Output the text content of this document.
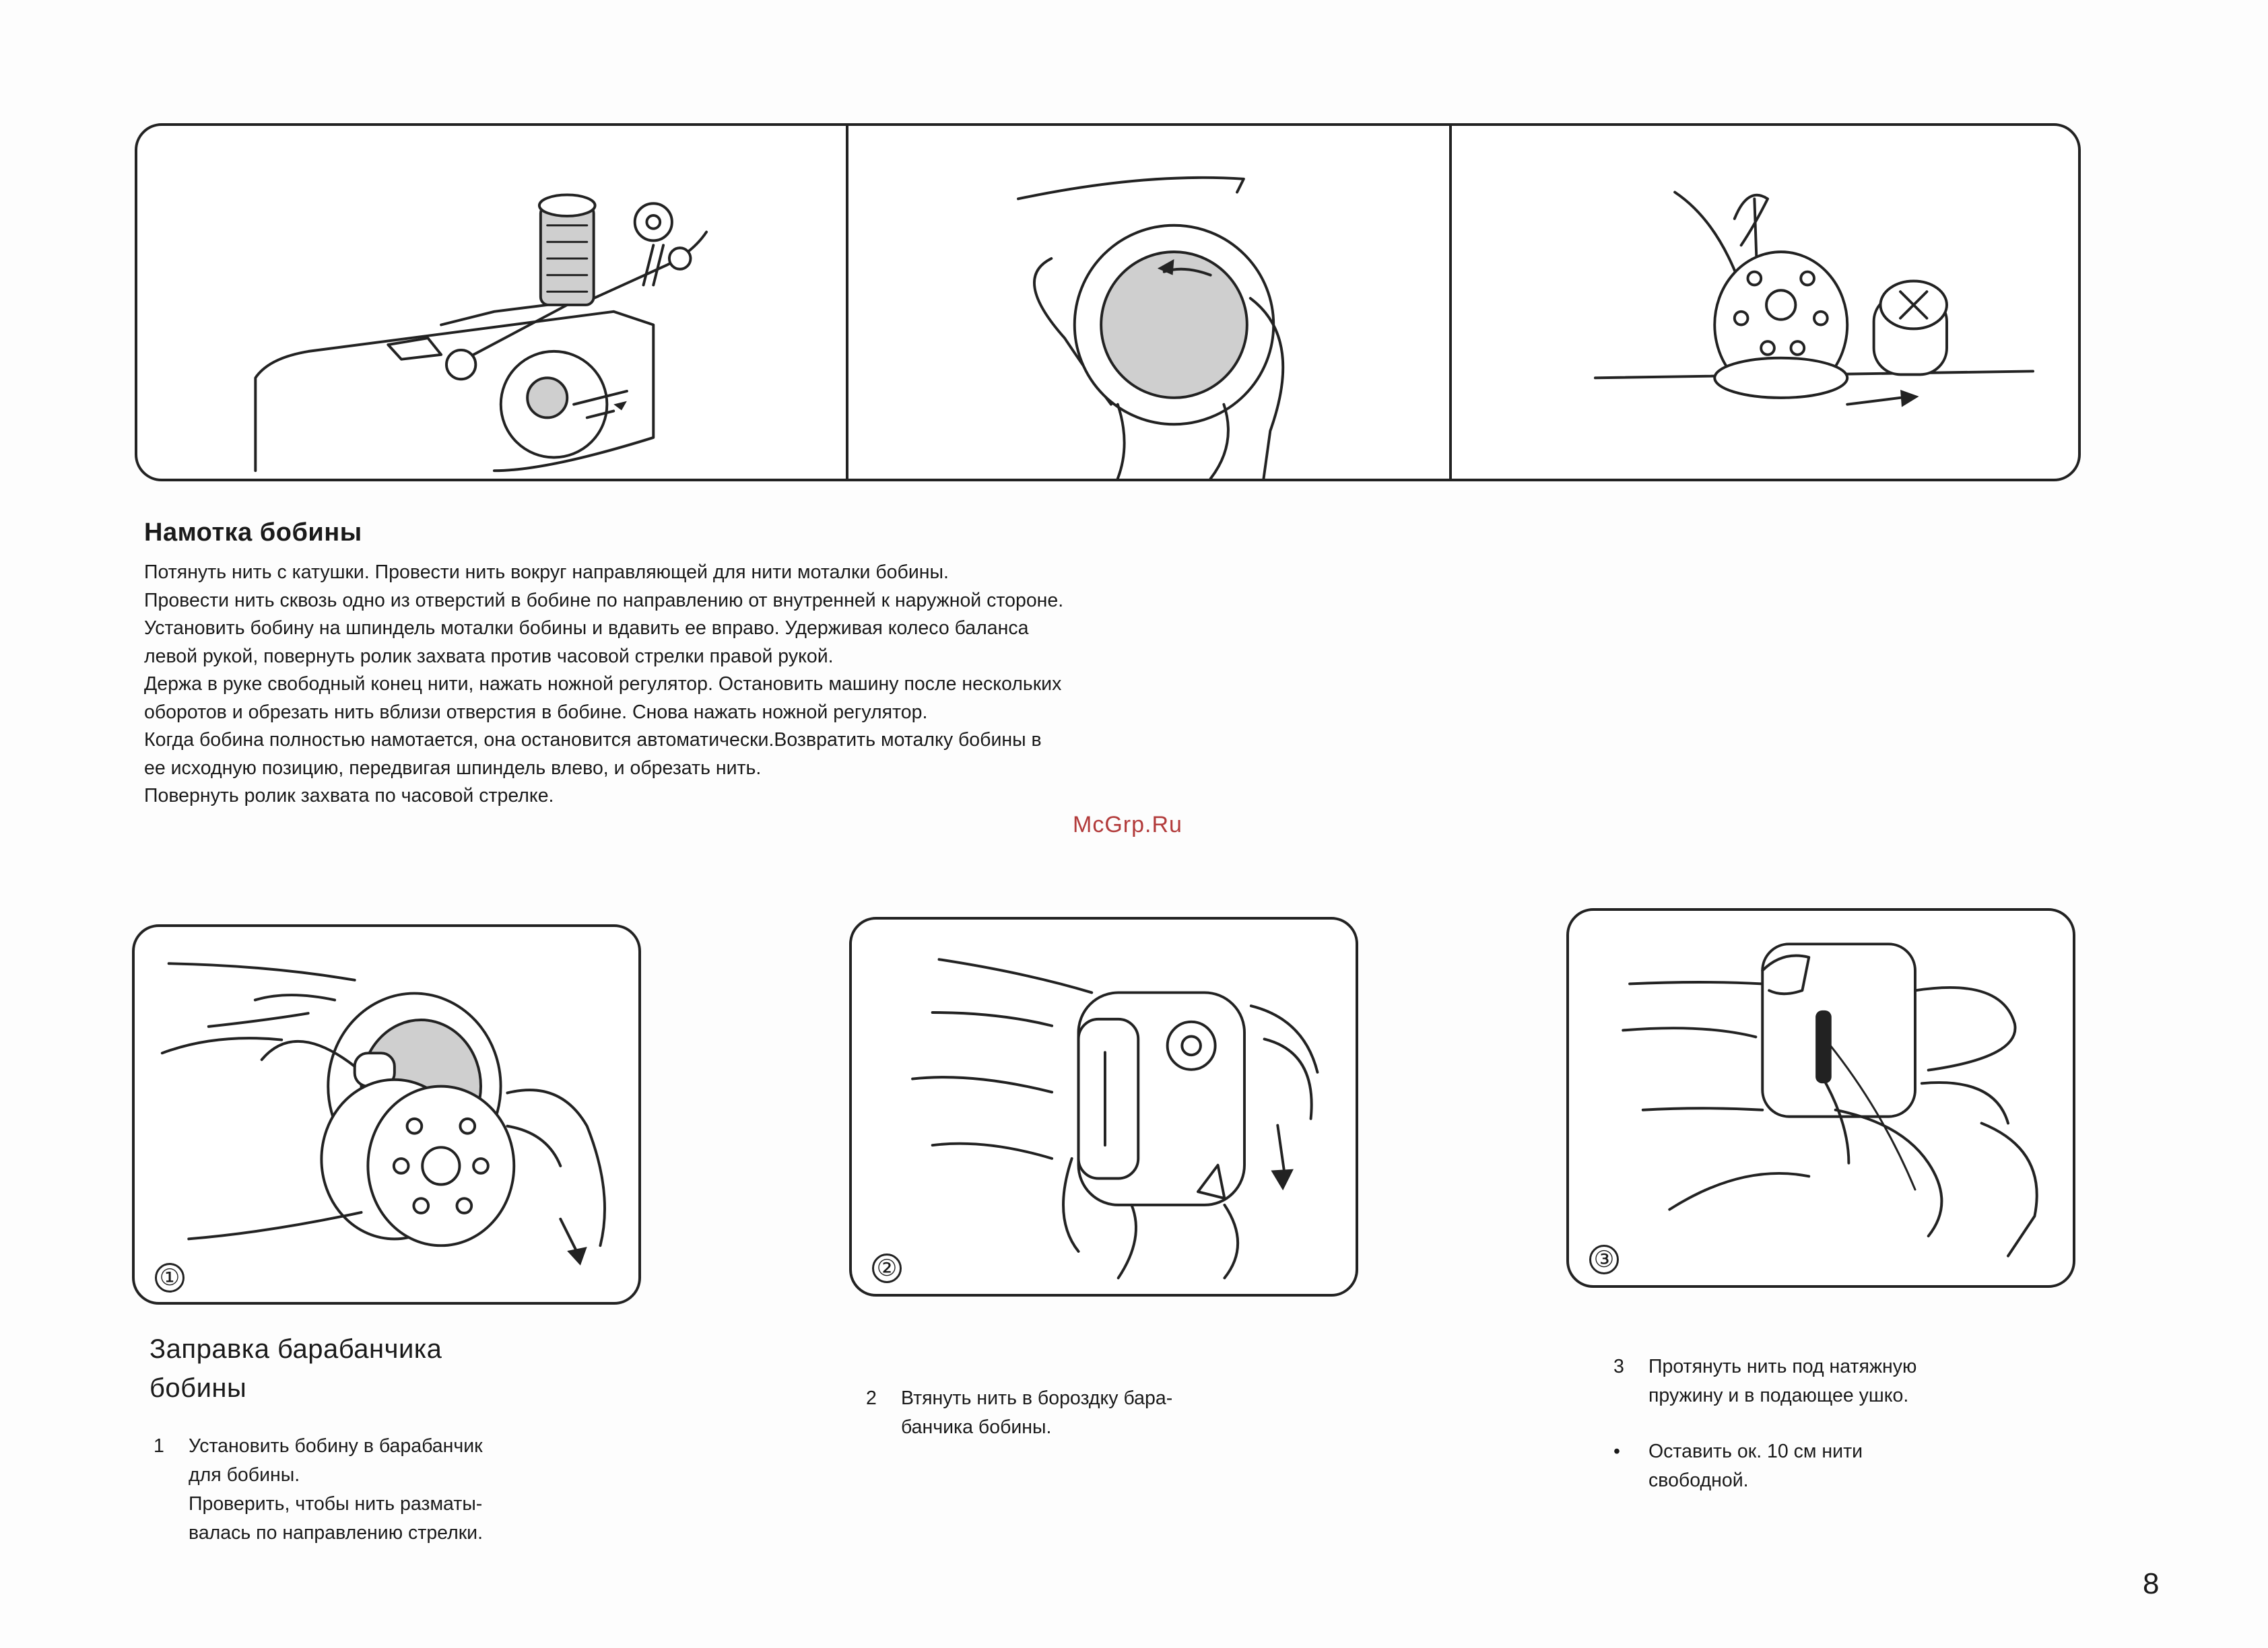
Намотка бобины
Потянуть нить с катушки. Провести нить вокруг направляющей для нити моталки бобины.
Провести нить сквозь одно из отверстий в бобине по направлению от внутренней к наружной стороне.
Установить бобину на шпиндель моталки бобины и вдавить ее вправо. Удерживая колесо баланса
левой рукой, повернуть ролик захвата против часовой стрелки правой рукой.
Держа в руке свободный конец нити, нажать ножной регулятор. Остановить машину после нескольких
оборотов и обрезать нить вблизи отверстия в бобине. Снова нажать ножной регулятор.
Когда бобина полностью намотается, она остановится автоматически.Возвратить моталку бобины в
ее исходную позицию, передвигая шпиндель влево, и обрезать нить.
Повернуть ролик захвата по часовой стрелке.
McGrp.Ru
①	②	③
Заправка барабанчика
бобины
1	Установить бобину в барабанчик
для бобины.
Проверить, чтобы нить разматы-
валась по направлению стрелки.
2	Втянуть нить в бороздку бара-
банчика бобины.
3	Протянуть нить под натяжную
пружину и в подающее ушко.
•	Оставить ок. 10 см нити
свободной.
8
